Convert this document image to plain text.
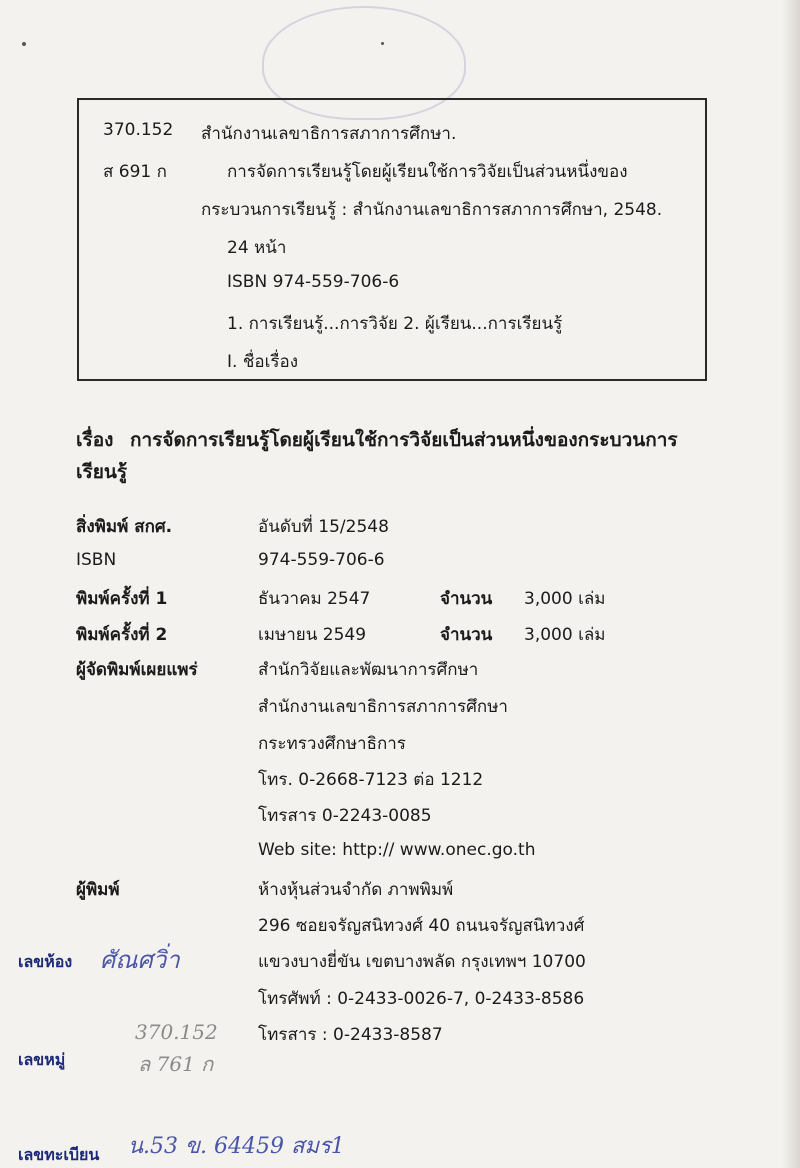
370.152 สำนักงานเลขาธิการสภาการศึกษา.
ส 691 ก	การจัดการเรียนรู้โดยผู้เรียนใช้การวิจัยเป็นส่วนหนึ่งของ
กระบวนการเรียนรู้ : สำนักงานเลขาธิการสภาการศึกษา, 2548.
24 หน้า
ISBN 974-559-706-6
1. การเรียนรู้...การวิจัย 2. ผู้เรียน...การเรียนรู้
I. ชื่อเรื่อง
เรื่อง การจัดการเรียนรู้โดยผู้เรียนใช้การวิจัยเป็นส่วนหนึ่งของกระบวนการ
เรียนรู้
สิ่งพิมพ์ สกศ.	อันดับที่ 15/2548
ISBN	974-559-706-6
พิมพ์ครั้งที่ 1	ธันวาคม 2547	จำนวน 3,000 เล่ม
พิมพ์ครั้งที่ 2	เมษายน 2549	จำนวน 3,000 เล่ม
ผู้จัดพิมพ์เผยแพร่	สำนักวิจัยและพัฒนาการศึกษา
สำนักงานเลขาธิการสภาการศึกษา
กระทรวงศึกษาธิการ
โทร. 0-2668-7123 ต่อ 1212
โทรสาร 0-2243-0085
Web site: http:// www.onec.go.th
ผู้พิมพ์	ห้างหุ้นส่วนจำกัด ภาพพิมพ์
296 ซอยจรัญสนิทวงศ์ 40 ถนนจรัญสนิทวงศ์
แขวงบางยี่ขัน เขตบางพลัด กรุงเทพฯ 10700
โทรศัพท์ : 0-2433-0026-7, 0-2433-8586
โทรสาร : 0-2433-8587
เลขห้อง ศัณศวิ่า
เลขหมู่
370.152
ล 761 ก
เลขทะเบียน น.53 ข. 64459 สมร1
